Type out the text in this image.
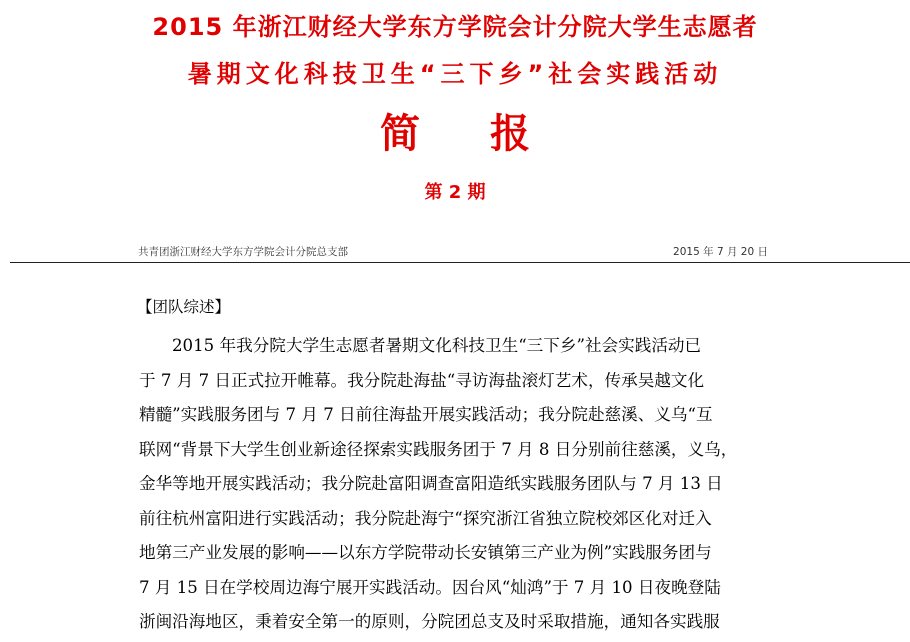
2015 年浙江财经大学东方学院会计分院大学生志愿者
暑期文化科技卫生“三下乡”社会实践活动
简报
第 2 期
共青团浙江财经大学东方学院会计分院总支部	2015 年 7 月 20 日
【团队综述】
2015 年我分院大学生志愿者暑期文化科技卫生“三下乡”社会实践活动已
于 7 月 7 日正式拉开帷幕。我分院赴海盐“寻访海盐滚灯艺术，传承吴越文化
精髓”实践服务团与 7 月 7 日前往海盐开展实践活动；我分院赴慈溪、义乌“互
联网“背景下大学生创业新途径探索实践服务团于 7 月 8 日分别前往慈溪，义乌，
金华等地开展实践活动；我分院赴富阳调查富阳造纸实践服务团队与 7 月 13 日
前往杭州富阳进行实践活动；我分院赴海宁“探究浙江省独立院校郊区化对迁入
地第三产业发展的影响——以东方学院带动长安镇第三产业为例”实践服务团与
7 月 15 日在学校周边海宁展开实践活动。因台风“灿鸿”于 7 月 10 日夜晚登陆
浙闽沿海地区，秉着安全第一的原则，分院团总支及时采取措施，通知各实践服
